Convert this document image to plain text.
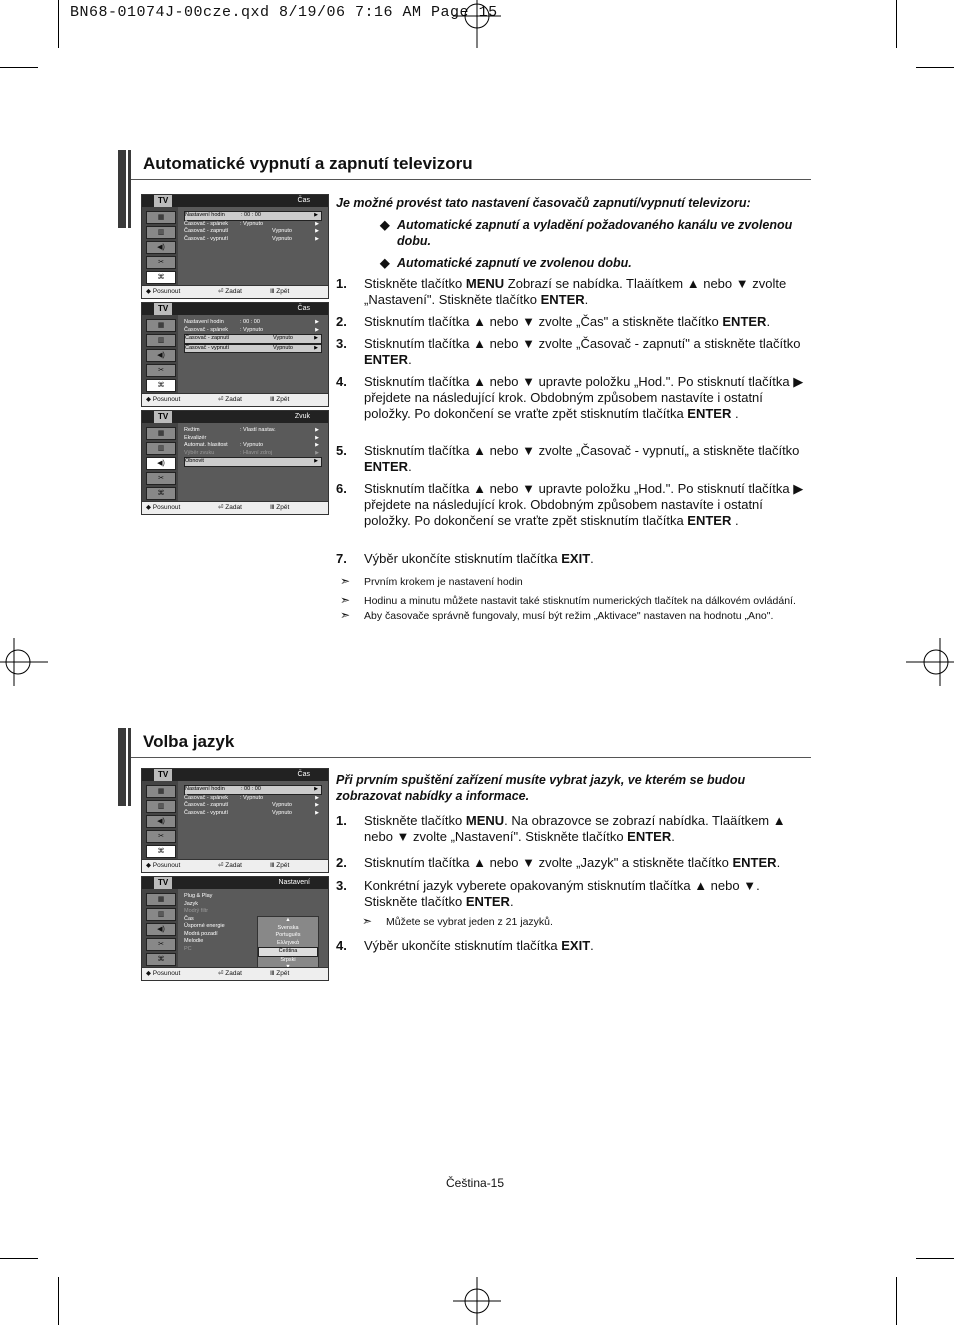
BN68-01074J-00cze.qxd 8/19/06 7:16 AM Page 15
Automatické vypnutí a zapnutí televizoru
Je možné provést tato nastavení časovačů zapnutí/vypnutí televizoru:
◆ Automatické zapnutí a vyladění požadovaného kanálu ve zvolenou dobu.
◆ Automatické zapnutí ve zvolenou dobu.
1. Stiskněte tlačítko MENU Zobrazí se nabídka. Tlaäítkem ▲ nebo ▼ zvolte „Nastavení". Stiskněte tlačítko ENTER.
2. Stisknutím tlačítka ▲ nebo ▼ zvolte „Čas" a stiskněte tlačítko ENTER.
3. Stisknutím tlačítka ▲ nebo ▼ zvolte „Časovač - zapnutí" a stiskněte tlačítko ENTER.
4. Stisknutím tlačítka ▲ nebo ▼ upravte položku „Hod.". Po stisknutí tlačítka ▶ přejdete na následující krok. Obdobným způsobem nastavíte i ostatní položky. Po dokončení se vraťte zpět stisknutím tlačítka ENTER .
5. Stisknutím tlačítka ▲ nebo ▼ zvolte „Časovač - vypnutí„ a stiskněte tlačítko ENTER.
6. Stisknutím tlačítka ▲ nebo ▼ upravte položku „Hod.". Po stisknutí tlačítka ▶ přejdete na následující krok. Obdobným způsobem nastavíte i ostatní položky. Po dokončení se vraťte zpět stisknutím tlačítka ENTER .
7. Výběr ukončíte stisknutím tlačítka EXIT.
➣ Prvním krokem je nastavení hodin
➣ Hodinu a minutu můžete nastavit také stisknutím numerických tlačítek na dálkovém ovládání.
➣ Aby časovače správně fungovaly, musí být režim „Aktivace" nastaven na hodnotu „Ano".
Volba jazyk
Při prvním spuštění zařízení musíte vybrat jazyk, ve kterém se budou zobrazovat nabídky a informace.
1. Stiskněte tlačítko MENU. Na obrazovce se zobrazí nabídka. Tlaäítkem ▲ nebo ▼ zvolte „Nastavení". Stiskněte tlačítko ENTER.
2. Stisknutím tlačítka ▲ nebo ▼ zvolte „Jazyk" a stiskněte tlačítko ENTER.
3. Konkrétní jazyk vyberete opakovaným stisknutím tlačítka ▲ nebo ▼. Stiskněte tlačítko ENTER.
4. Výběr ukončíte stisknutím tlačítka EXIT.
➣ Můžete se vybrat jeden z 21 jazyků.
TV	Čas
▦
▥
◀)
✂
⌘
Nastavení hodin	: 00 : 00	▶
Časovač - spánek : Vypnuto	▶
Časovač - zapnutí	Vypnuto	▶
Časovač - vypnutí	Vypnuto	▶
◆ Posunout	⏎ Zadat	Ⅲ Zpět
TV	Čas
▦
▥
◀)
✂
⌘
Nastavení hodin	: 00 : 00	▶
Časovač - spánek : Vypnuto	▶
Časovač - zapnutí	Vypnuto	▶
Časovač - vypnutí	Vypnuto	▶
◆ Posunout	⏎ Zadat	Ⅲ Zpět
TV	Zvuk
▦
▥
◀)
✂
⌘
Režim	: Vlastí nastav.	▶
Ekvalizér	▶
Automat. hlasitost : Vypnuto	▶
Výběr zvuku	: Hlavní zdroj	▶
Obnovit	▶
◆ Posunout	⏎ Zadat	Ⅲ Zpět
TV	Čas
▦
▥
◀)
✂
⌘
Nastavení hodin	: 00 : 00	▶
Časovač - spánek : Vypnuto	▶
Časovač - zapnutí	Vypnuto	▶
Časovač - vypnutí	Vypnuto	▶
◆ Posunout	⏎ Zadat	Ⅲ Zpět
TV	Nastavení
▦
▥
◀)
✂
⌘
Plug & Play
Jazyk
Modrý filtr
Čas
Úsporné energie
Modrá pozadí
Melodie
PC
▲
Svenska
Português
Ελληνικά
Čeština
Srpski
◆ Posunout	⏎ Zadat	Ⅲ Zpět
Čeština-15
